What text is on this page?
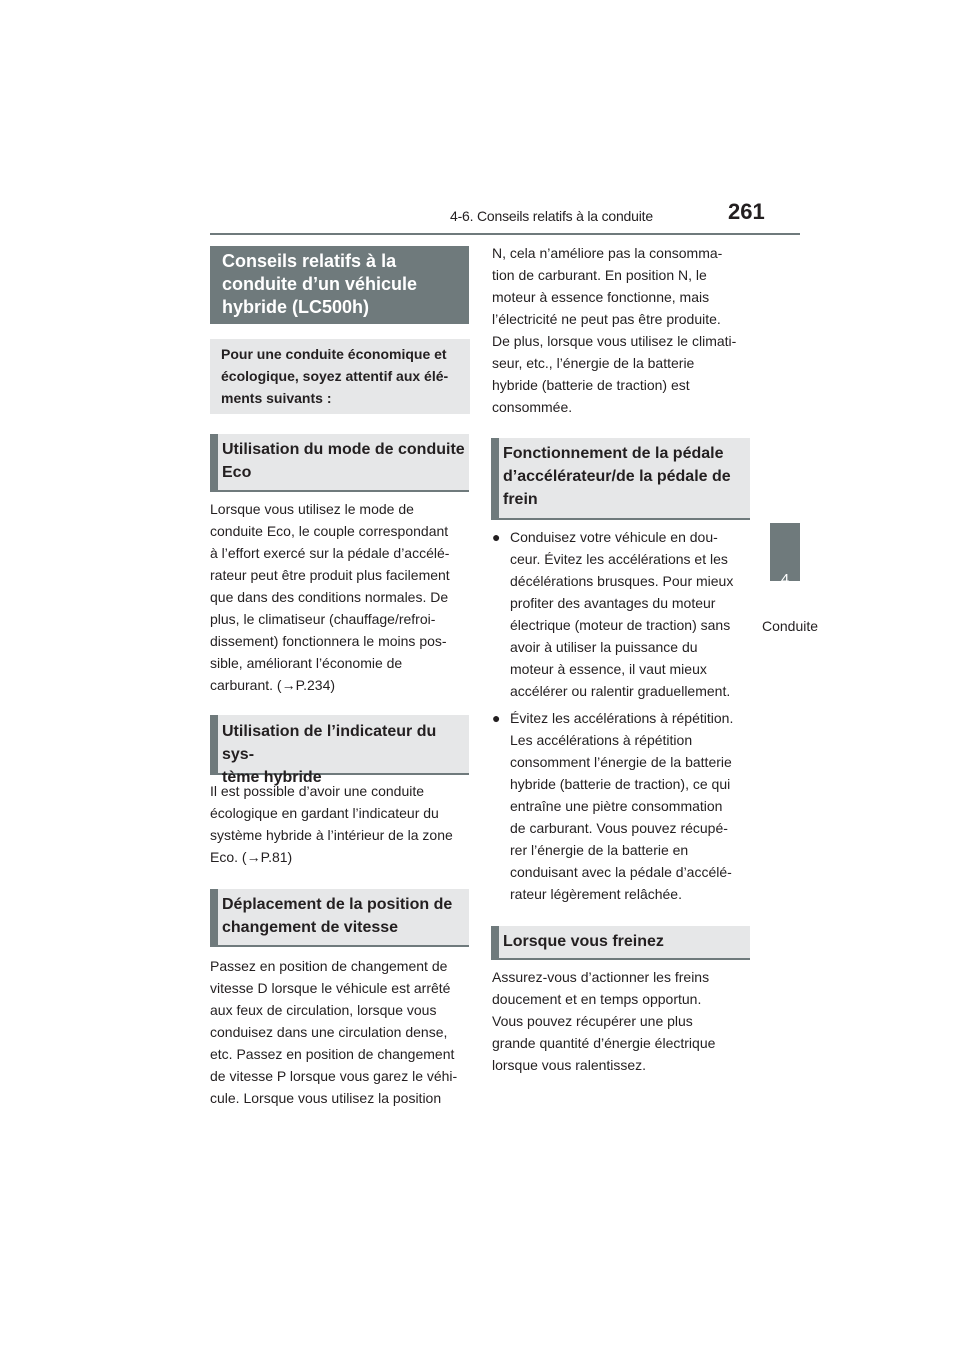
4-6. Conseils relatifs à la conduite	261
4
Conduite
Conseils relatifs à la
conduite d’un véhicule
hybride (LC500h)
Pour une conduite économique et
écologique, soyez attentif aux élé-
ments suivants :
Utilisation du mode de conduite
Eco
Lorsque vous utilisez le mode de
conduite Eco, le couple correspondant
à l’effort exercé sur la pédale d’accélé-
rateur peut être produit plus facilement
que dans des conditions normales. De
plus, le climatiseur (chauffage/refroi-
dissement) fonctionnera le moins pos-
sible, améliorant l’économie de
carburant. (→P.234)
Utilisation de l’indicateur du sys-
tème hybride
Il est possible d’avoir une conduite
écologique en gardant l’indicateur du
système hybride à l’intérieur de la zone
Eco. (→P.81)
Déplacement de la position de
changement de vitesse
Passez en position de changement de
vitesse D lorsque le véhicule est arrêté
aux feux de circulation, lorsque vous
conduisez dans une circulation dense,
etc. Passez en position de changement
de vitesse P lorsque vous garez le véhi-
cule. Lorsque vous utilisez la position
N, cela n’améliore pas la consomma-
tion de carburant. En position N, le
moteur à essence fonctionne, mais
l’électricité ne peut pas être produite.
De plus, lorsque vous utilisez le climati-
seur, etc., l’énergie de la batterie
hybride (batterie de traction) est
consommée.
Fonctionnement de la pédale
d’accélérateur/de la pédale de
frein
● Conduisez votre véhicule en dou-
ceur. Évitez les accélérations et les
décélérations brusques. Pour mieux
profiter des avantages du moteur
électrique (moteur de traction) sans
avoir à utiliser la puissance du
moteur à essence, il vaut mieux
accélérer ou ralentir graduellement.
● Évitez les accélérations à répétition.
Les accélérations à répétition
consomment l’énergie de la batterie
hybride (batterie de traction), ce qui
entraîne une piètre consommation
de carburant. Vous pouvez récupé-
rer l’énergie de la batterie en
conduisant avec la pédale d’accélé-
rateur légèrement relâchée.
Lorsque vous freinez
Assurez-vous d’actionner les freins
doucement et en temps opportun.
Vous pouvez récupérer une plus
grande quantité d’énergie électrique
lorsque vous ralentissez.
